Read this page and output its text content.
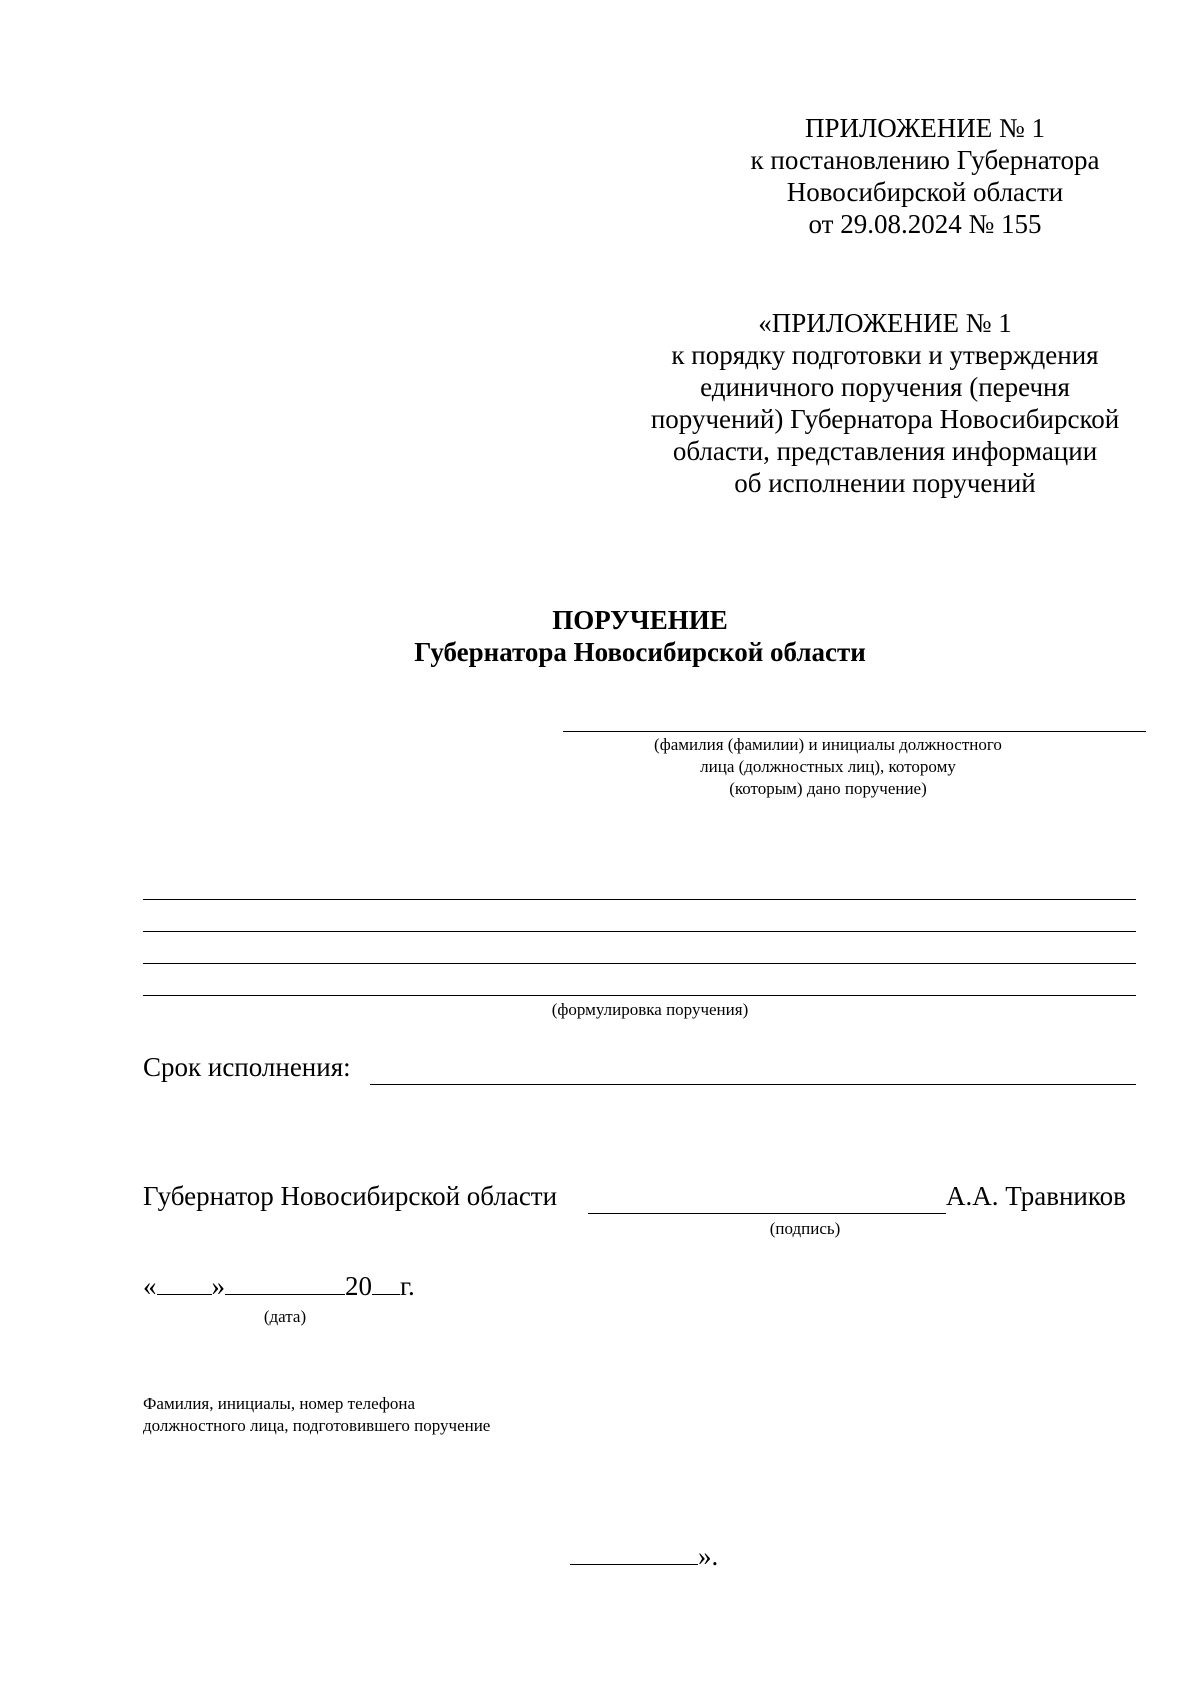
ПРИЛОЖЕНИЕ № 1
к постановлению Губернатора
Новосибирской области
от 29.08.2024 № 155
«ПРИЛОЖЕНИЕ № 1
к порядку подготовки и утверждения
единичного поручения (перечня
поручений) Губернатора Новосибирской
области, представления информации
об исполнении поручений
ПОРУЧЕНИЕ
Губернатора Новосибирской области
(фамилия (фамилии) и инициалы должностного
лица (должностных лиц), которому
(которым) дано поручение)
(формулировка поручения)
Срок исполнения:
Губернатор Новосибирской области	А.А. Травников
(подпись)
« »	20 г.
(дата)
Фамилия, инициалы, номер телефона
должностного лица, подготовившего поручение
».
